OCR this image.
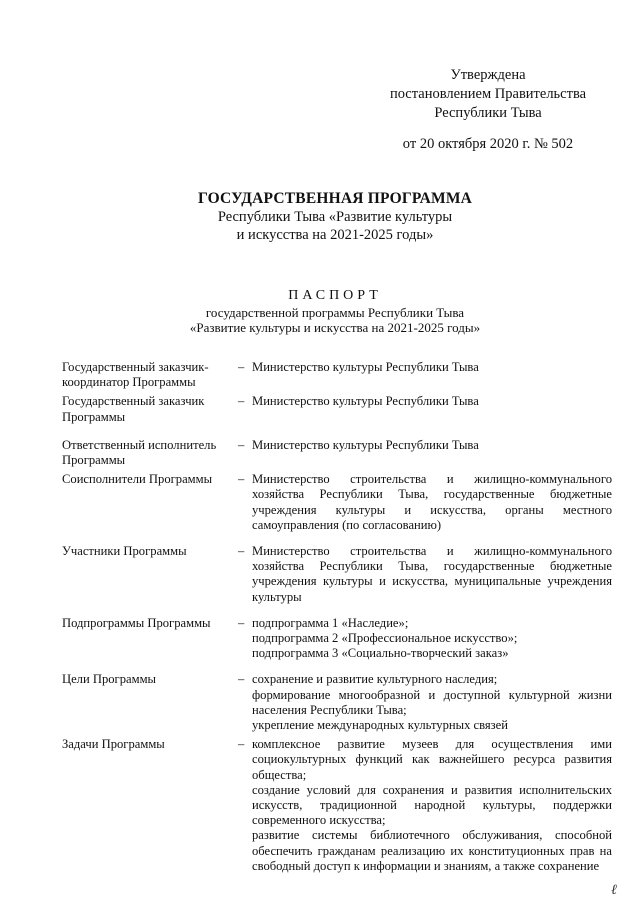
Утверждена
постановлением Правительства
Республики Тыва
от 20 октября 2020 г. № 502
ГОСУДАРСТВЕННАЯ ПРОГРАММА
Республики Тыва «Развитие культуры
и искусства на 2021-2025 годы»
ПАСПОРТ
государственной программы Республики Тыва
«Развитие культуры и искусства на 2021-2025 годы»
Государственный заказчик-
координатор Программы
– Министерство культуры Республики Тыва
Государственный заказчик
Программы
– Министерство культуры Республики Тыва
Ответственный исполнитель
Программы
– Министерство культуры Республики Тыва
Соисполнители Программы	– Министерство строительства и жилищно-коммунального хозяйства Республики Тыва, государственные бюджетные учреждения культуры и искусства, органы местного самоуправления (по согласованию)
Участники Программы	– Министерство строительства и жилищно-коммунального хозяйства Республики Тыва, государственные бюджетные учреждения культуры и искусства, муниципальные учреждения культуры
Подпрограммы Программы	– подпрограмма 1 «Наследие»;
подпрограмма 2 «Профессиональное искусство»;
подпрограмма 3 «Социально-творческий заказ»
Цели Программы	– сохранение и развитие культурного наследия;
формирование многообразной и доступной культурной жизни населения Республики Тыва;
укрепление международных культурных связей
Задачи Программы	– комплексное развитие музеев для осуществления ими социокультурных функций как важнейшего ресурса развития общества;
создание условий для сохранения и развития исполнительских искусств, традиционной народной культуры, поддержки современного искусства;
развитие системы библиотечного обслуживания, способной обеспечить гражданам реализацию их конституционных прав на свободный доступ к информации и знаниям, а также сохранение
ℓ
